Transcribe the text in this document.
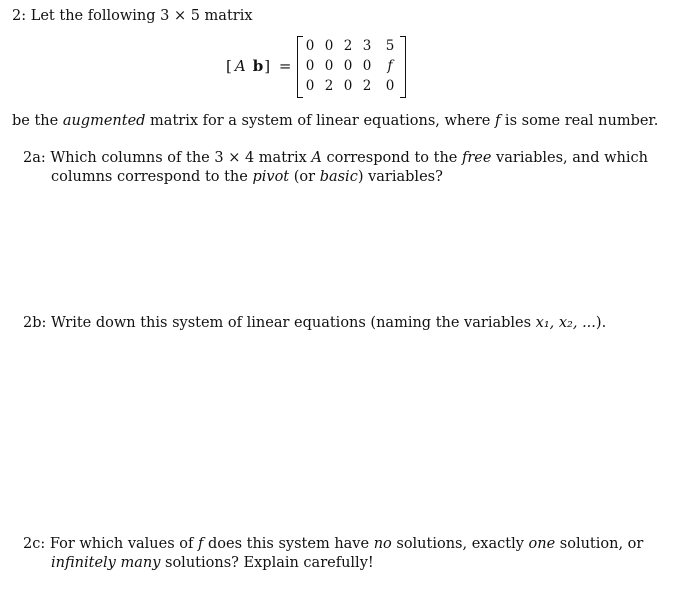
2: Let the following 3 × 5 matrix
[ A b] =
0 0 2 3 5
0 0 0 0	f
0 2 0 2 0
be the augmented matrix for a system of linear equations, where f is some real number.
2a: Which columns of the 3 × 4 matrix A correspond to the free variables, and which
columns correspond to the pivot (or basic) variables?
2b: Write down this system of linear equations (naming the variables x₁, x₂, ...).
2c: For which values of f does this system have no solutions, exactly one solution, or
infinitely many solutions? Explain carefully!
